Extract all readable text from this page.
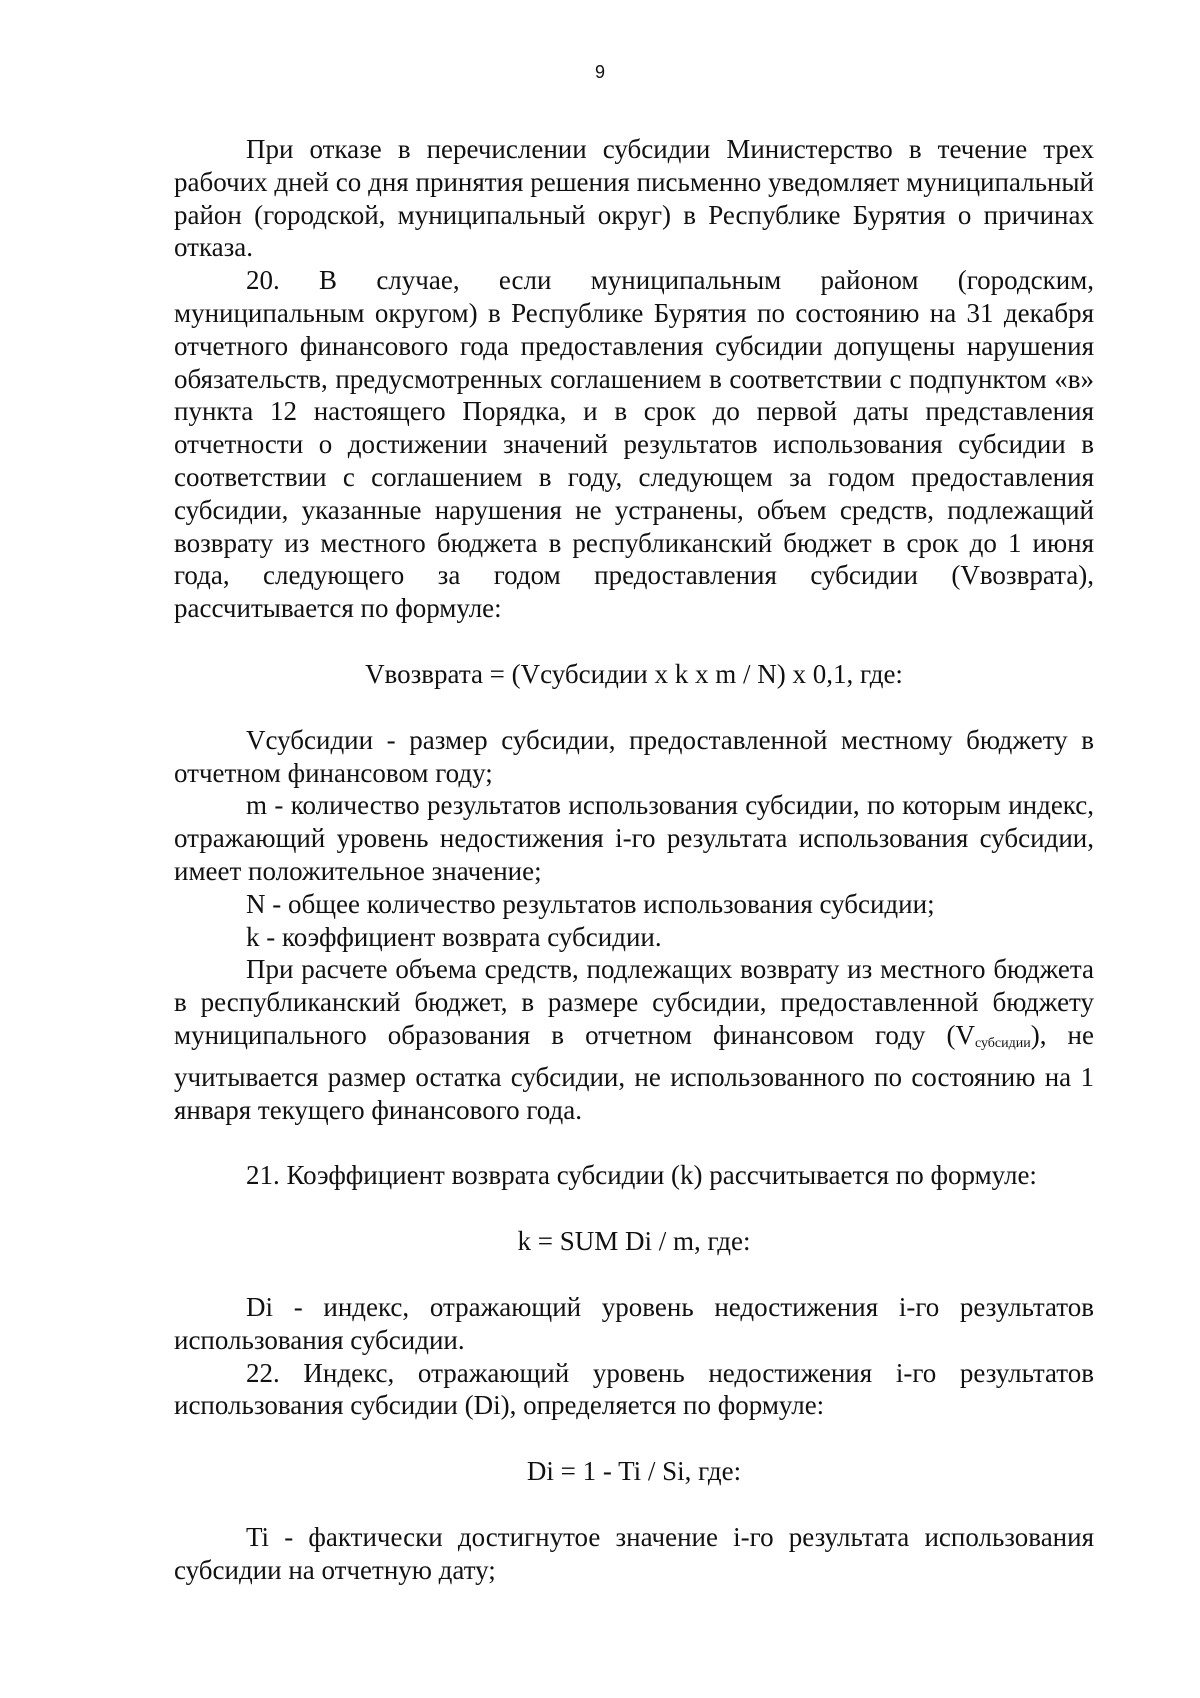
9

При отказе в перечислении субсидии Министерство в течение трех рабочих дней со дня принятия решения письменно уведомляет муниципальный район (городской, муниципальный округ) в Республике Бурятия о причинах отказа.

20. В случае, если муниципальным районом (городским, муниципальным округом) в Республике Бурятия по состоянию на 31 декабря отчетного финансового года предоставления субсидии допущены нарушения обязательств, предусмотренных соглашением в соответствии с подпунктом «в» пункта 12 настоящего Порядка, и в срок до первой даты представления отчетности о достижении значений результатов использования субсидии в соответствии с соглашением в году, следующем за годом предоставления субсидии, указанные нарушения не устранены, объем средств, подлежащий возврату из местного бюджета в республиканский бюджет в срок до 1 июня года, следующего за годом предоставления субсидии (Vвозврата), рассчитывается по формуле:

Vвозврата = (Vсубсидии x k x m / N) x 0,1, где:

Vсубсидии - размер субсидии, предоставленной местному бюджету в отчетном финансовом году;

m - количество результатов использования субсидии, по которым индекс, отражающий уровень недостижения i-го результата использования субсидии, имеет положительное значение;

N - общее количество результатов использования субсидии;

k - коэффициент возврата субсидии.

При расчете объема средств, подлежащих возврату из местного бюджета в республиканский бюджет, в размере субсидии, предоставленной бюджету муниципального образования в отчетном финансовом году $(V_{субсидии})$, не учитывается размер остатка субсидии, не использованного по состоянию на 1 января текущего финансового года.

21. Коэффициент возврата субсидии (k) рассчитывается по формуле:

k = SUM Di / m, где:

Di - индекс, отражающий уровень недостижения i-го результатов использования субсидии.

22. Индекс, отражающий уровень недостижения i-го результатов использования субсидии (Di), определяется по формуле:

Di = 1 - Ti / Si, где:

Ti - фактически достигнутое значение i-го результата использования субсидии на отчетную дату;
